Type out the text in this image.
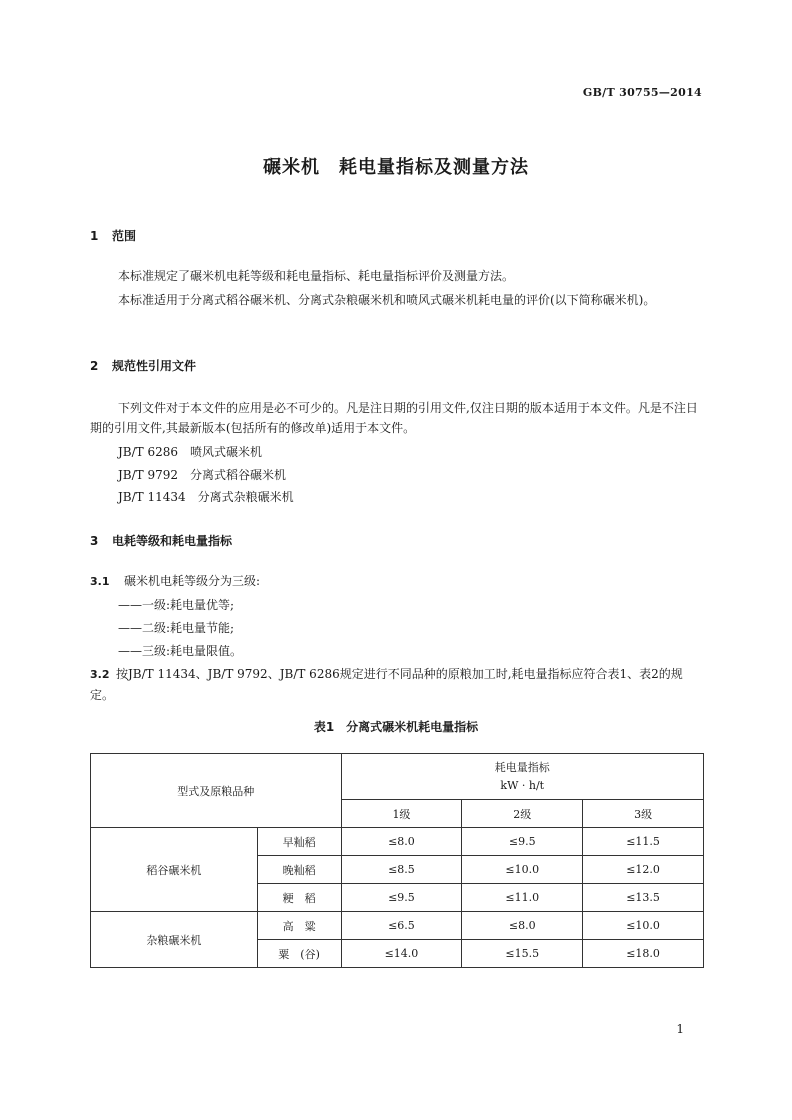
GB/T 30755—2014
碾米机　耗电量指标及测量方法
1 范围
本标准规定了碾米机电耗等级和耗电量指标、耗电量指标评价及测量方法。
本标准适用于分离式稻谷碾米机、分离式杂粮碾米机和喷风式碾米机耗电量的评价(以下简称碾米机)。
2 规范性引用文件
下列文件对于本文件的应用是必不可少的。凡是注日期的引用文件,仅注日期的版本适用于本文件。凡是不注日期的引用文件,其最新版本(包括所有的修改单)适用于本文件。
JB/T 6286　喷风式碾米机
JB/T 9792　分离式稻谷碾米机
JB/T 11434　分离式杂粮碾米机
3 电耗等级和耗电量指标
3.1 碾米机电耗等级分为三级:
——一级:耗电量优等;
——二级:耗电量节能;
——三级:耗电量限值。
3.2 按JB/T 11434、JB/T 9792、JB/T 6286规定进行不同品种的原粮加工时,耗电量指标应符合表1、表2的规定。
表1　分离式碾米机耗电量指标
型式及原粮品种		耗电量指标
kW · h/t		

		1级	2级	3级
稻谷碾米机	早籼稻	≤8.0	≤9.5	≤11.5
	晚籼稻	≤8.5	≤10.0	≤12.0
	粳　稻	≤9.5	≤11.0	≤13.5
杂粮碾米机	高　粱	≤6.5	≤8.0	≤10.0
	粟　(谷)	≤14.0	≤15.5	≤18.0
1
